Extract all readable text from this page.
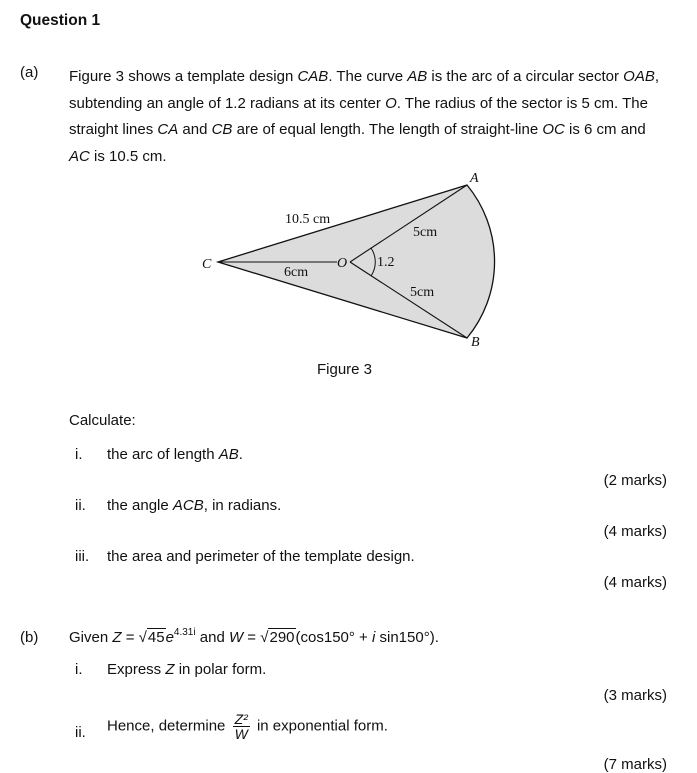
Question 1
(a) Figure 3 shows a template design CAB. The curve AB is the arc of a circular sector OAB, subtending an angle of 1.2 radians at its center O. The radius of the sector is 5 cm. The straight lines CA and CB are of equal length. The length of straight-line OC is 6 cm and AC is 10.5 cm.
A
B
C	O
10.5 cm
5cm
5cm
6cm
1.2
Figure 3
Calculate:
i. the arc of length AB.
(2 marks)
ii. the angle ACB, in radians.
(4 marks)
iii. the area and perimeter of the template design.
(4 marks)
(b) Given $Z = √45e^{4.31i}$ and W = √290(cos150° + i sin150°).
i. Express Z in polar form.
(3 marks)
ii. Hence, determine $\frac{\text{Z²}}{W}$ in exponential form.
(7 marks)
